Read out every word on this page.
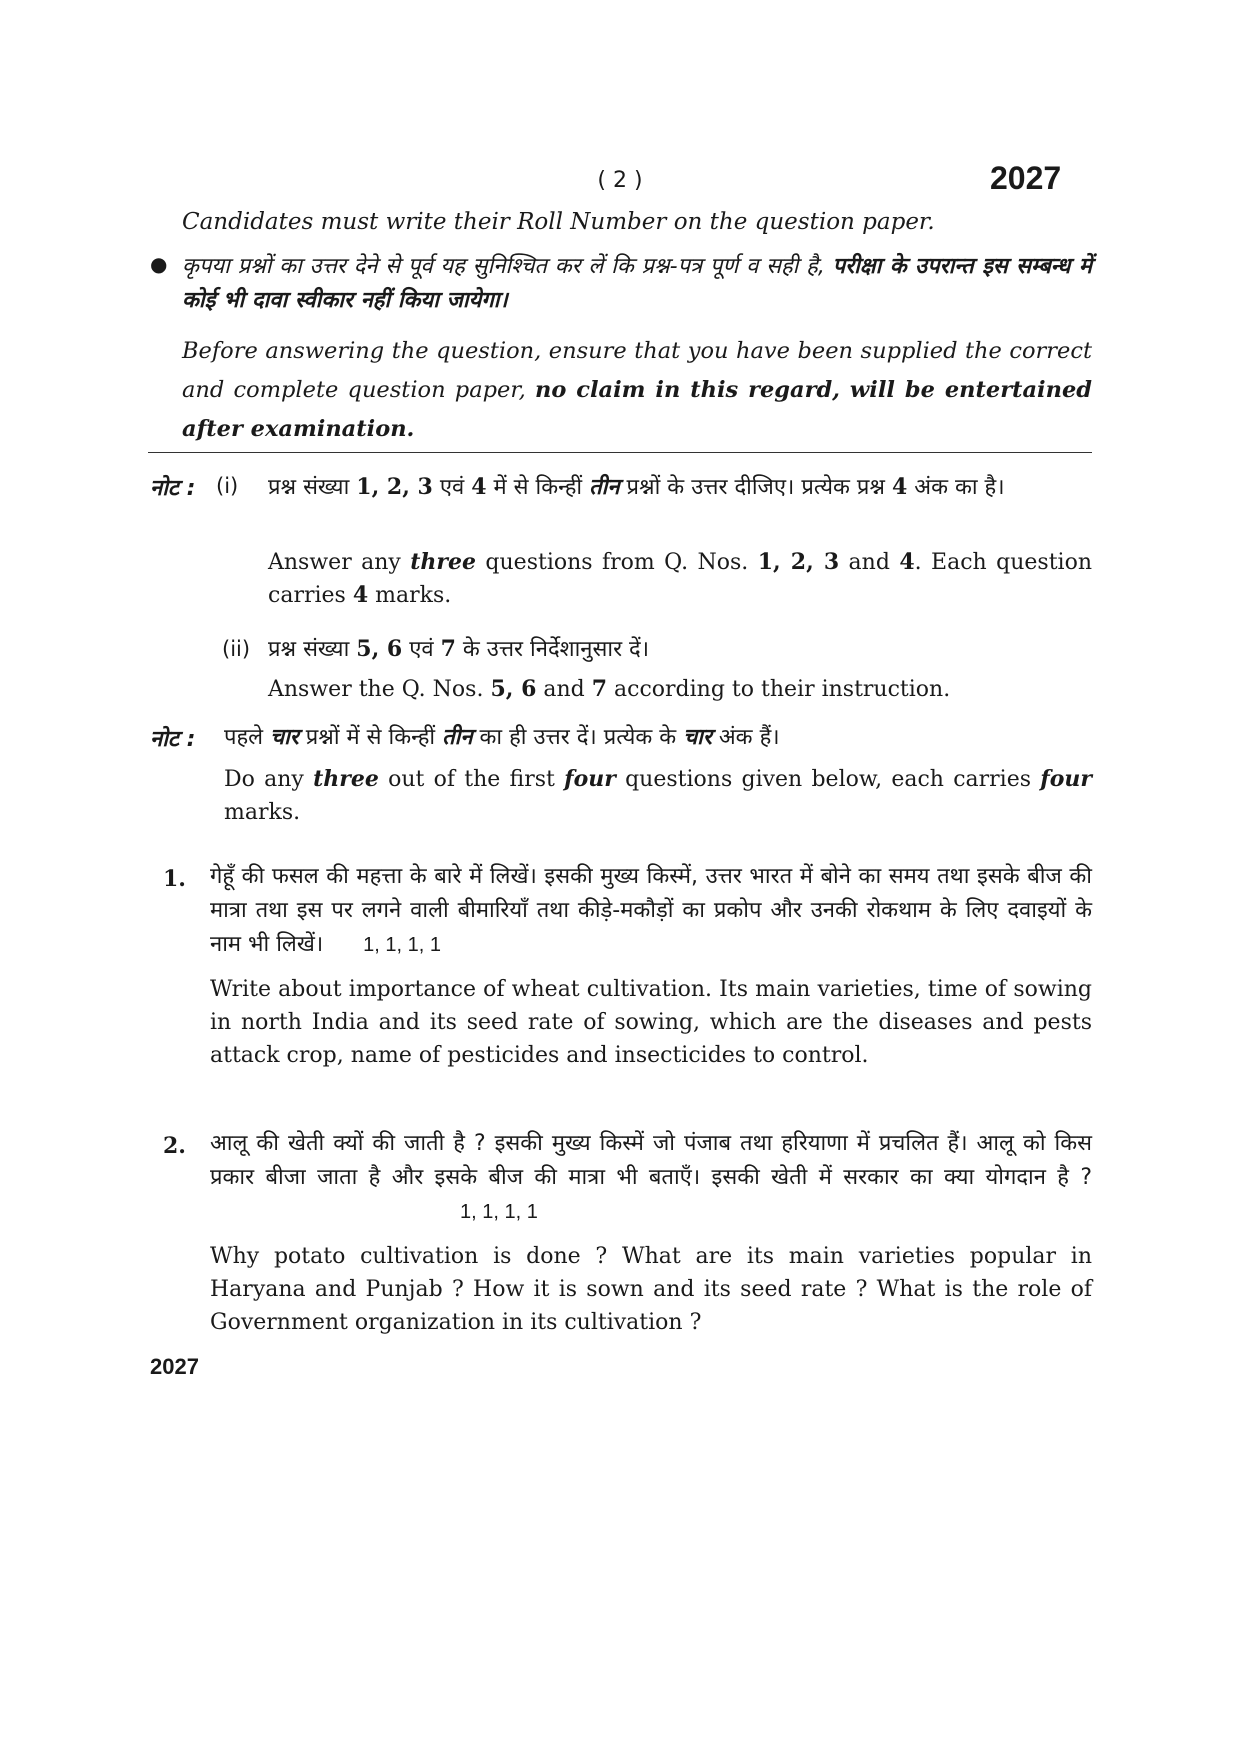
( 2 )	2027
Candidates must write their Roll Number on the question paper.
● कृपया प्रश्नों का उत्तर देने से पूर्व यह सुनिश्चित कर लें कि प्रश्न-पत्र पूर्ण व सही है, परीक्षा के उपरान्त इस सम्बन्ध में कोई भी दावा स्वीकार नहीं किया जायेगा।
Before answering the question, ensure that you have been supplied the correct and complete question paper, no claim in this regard, will be entertained after examination.
नोट : (i) प्रश्न संख्या 1, 2, 3 एवं 4 में से किन्हीं तीन प्रश्नों के उत्तर दीजिए। प्रत्येक प्रश्न 4 अंक का है।
Answer any three questions from Q. Nos. 1, 2, 3 and 4. Each question carries 4 marks.
(ii) प्रश्न संख्या 5, 6 एवं 7 के उत्तर निर्देशानुसार दें।
Answer the Q. Nos. 5, 6 and 7 according to their instruction.
नोट : पहले चार प्रश्नों में से किन्हीं तीन का ही उत्तर दें। प्रत्येक के चार अंक हैं।
Do any three out of the first four questions given below, each carries four marks.
1. गेहूँ की फसल की महत्ता के बारे में लिखें। इसकी मुख्य किस्में, उत्तर भारत में बोने का समय तथा इसके बीज की मात्रा तथा इस पर लगने वाली बीमारियाँ तथा कीड़े-मकौड़ों का प्रकोप और उनकी रोकथाम के लिए दवाइयों के नाम भी लिखें। 1, 1, 1, 1
Write about importance of wheat cultivation. Its main varieties, time of sowing in north India and its seed rate of sowing, which are the diseases and pests attack crop, name of pesticides and insecticides to control.
2. आलू की खेती क्यों की जाती है ? इसकी मुख्य किस्में जो पंजाब तथा हरियाणा में प्रचलित हैं। आलू को किस प्रकार बीजा जाता है और इसके बीज की मात्रा भी बताएँ। इसकी खेती में सरकार का क्या योगदान है ?1, 1, 1, 1
Why potato cultivation is done ? What are its main varieties popular in Haryana and Punjab ? How it is sown and its seed rate ? What is the role of Government organization in its cultivation ?
2027
